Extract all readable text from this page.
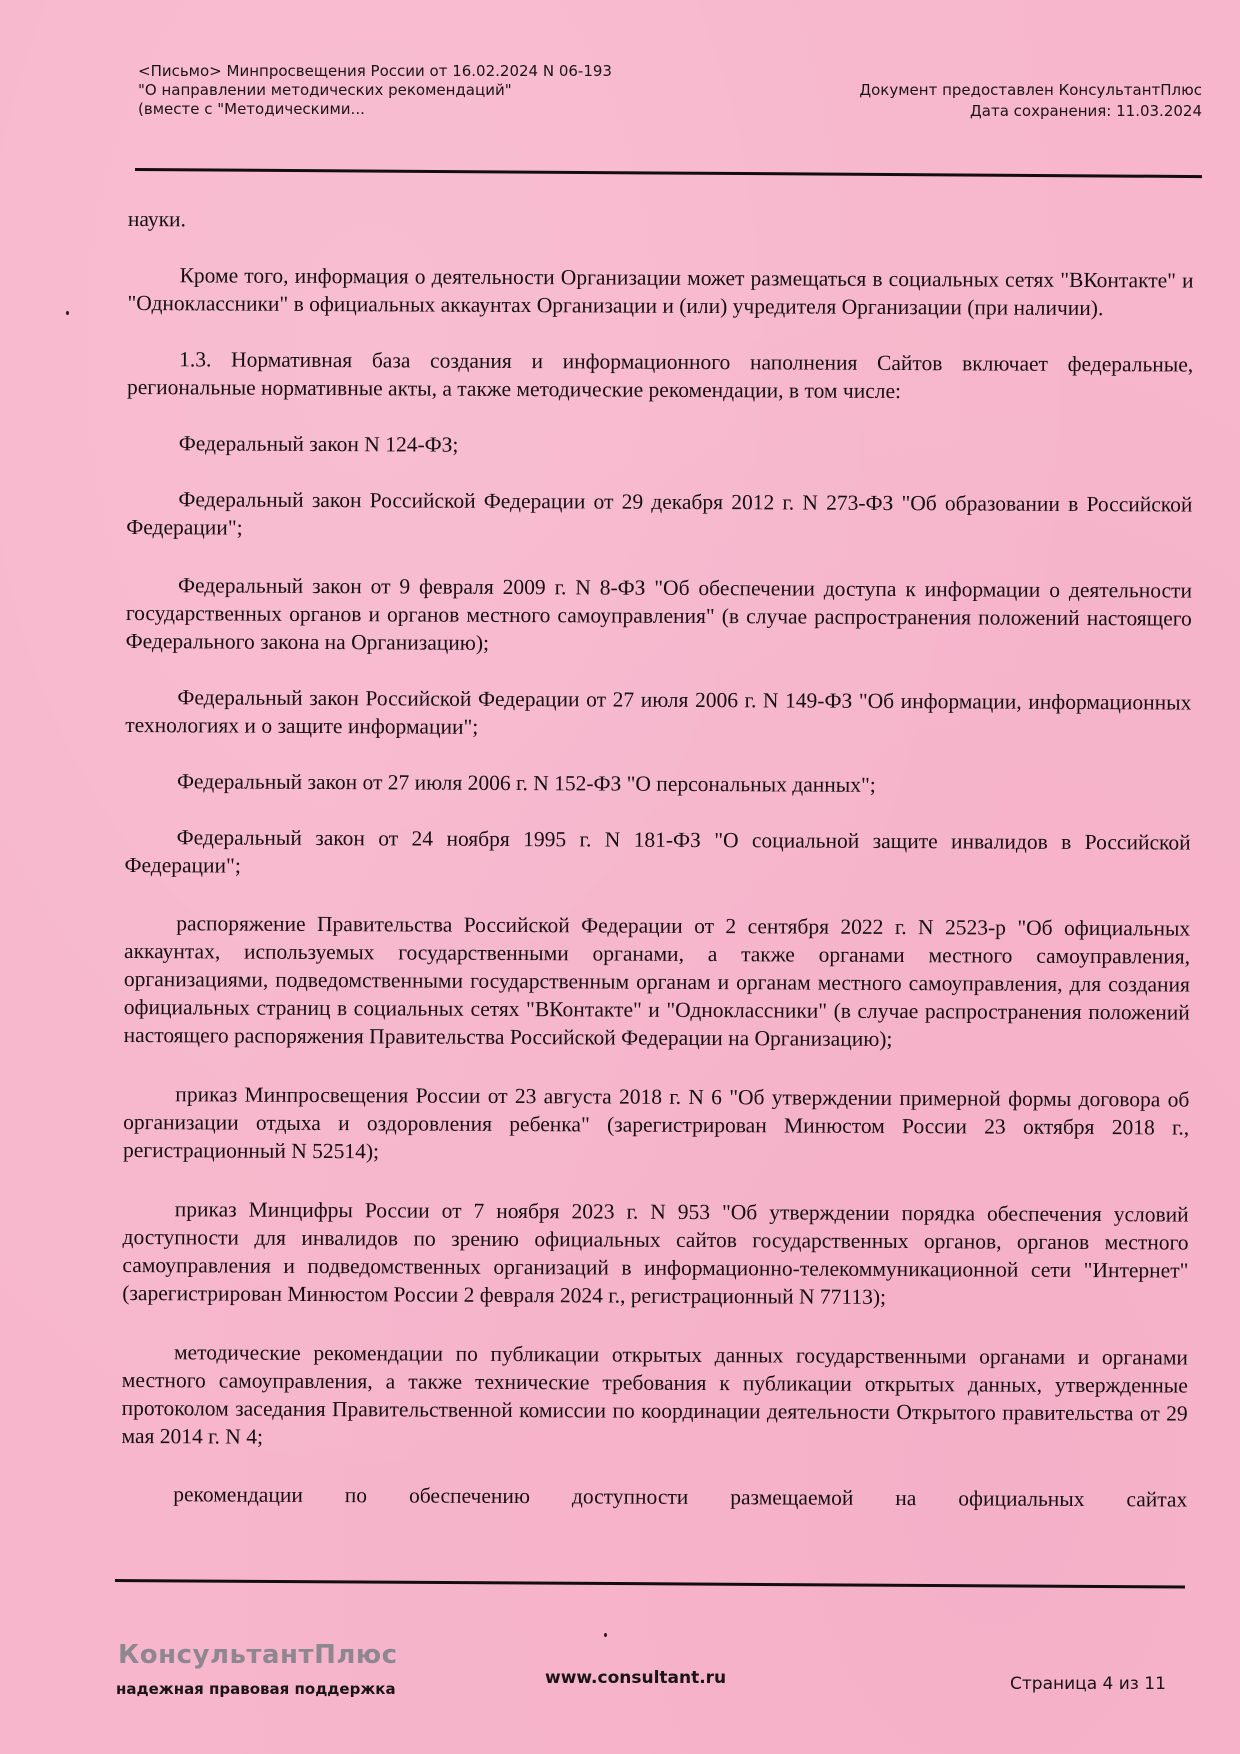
<Письмо> Минпросвещения России от 16.02.2024 N 06-193
"О направлении методических рекомендаций"
(вместе с "Методическими...
Документ предоставлен КонсультантПлюс
Дата сохранения: 11.03.2024

науки.

Кроме того, информация о деятельности Организации может размещаться в социальных сетях "ВКонтакте" и "Одноклассники" в официальных аккаунтах Организации и (или) учредителя Организации (при наличии).

1.3. Нормативная база создания и информационного наполнения Сайтов включает федеральные, региональные нормативные акты, а также методические рекомендации, в том числе:

Федеральный закон N 124-ФЗ;

Федеральный закон Российской Федерации от 29 декабря 2012 г. N 273-ФЗ "Об образовании в Российской Федерации";

Федеральный закон от 9 февраля 2009 г. N 8-ФЗ "Об обеспечении доступа к информации о деятельности государственных органов и органов местного самоуправления" (в случае распространения положений настоящего Федерального закона на Организацию);

Федеральный закон Российской Федерации от 27 июля 2006 г. N 149-ФЗ "Об информации, информационных технологиях и о защите информации";

Федеральный закон от 27 июля 2006 г. N 152-ФЗ "О персональных данных";

Федеральный закон от 24 ноября 1995 г. N 181-ФЗ "О социальной защите инвалидов в Российской Федерации";

распоряжение Правительства Российской Федерации от 2 сентября 2022 г. N 2523-р "Об официальных аккаунтах, используемых государственными органами, а также органами местного самоуправления, организациями, подведомственными государственным органам и органам местного самоуправления, для создания официальных страниц в социальных сетях "ВКонтакте" и "Одноклассники" (в случае распространения положений настоящего распоряжения Правительства Российской Федерации на Организацию);

приказ Минпросвещения России от 23 августа 2018 г. N 6 "Об утверждении примерной формы договора об организации отдыха и оздоровления ребенка" (зарегистрирован Минюстом России 23 октября 2018 г., регистрационный N 52514);

приказ Минцифры России от 7 ноября 2023 г. N 953 "Об утверждении порядка обеспечения условий доступности для инвалидов по зрению официальных сайтов государственных органов, органов местного самоуправления и подведомственных организаций в информационно-телекоммуникационной сети "Интернет" (зарегистрирован Минюстом России 2 февраля 2024 г., регистрационный N 77113);

методические рекомендации по публикации открытых данных государственными органами и органами местного самоуправления, а также технические требования к публикации открытых данных, утвержденные протоколом заседания Правительственной комиссии по координации деятельности Открытого правительства от 29 мая 2014 г. N 4;

рекомендации по обеспечению доступности размещаемой на официальных сайтах

КонсультантПлюс
надежная правовая поддержка
www.consultant.ru	Страница 4 из 11
